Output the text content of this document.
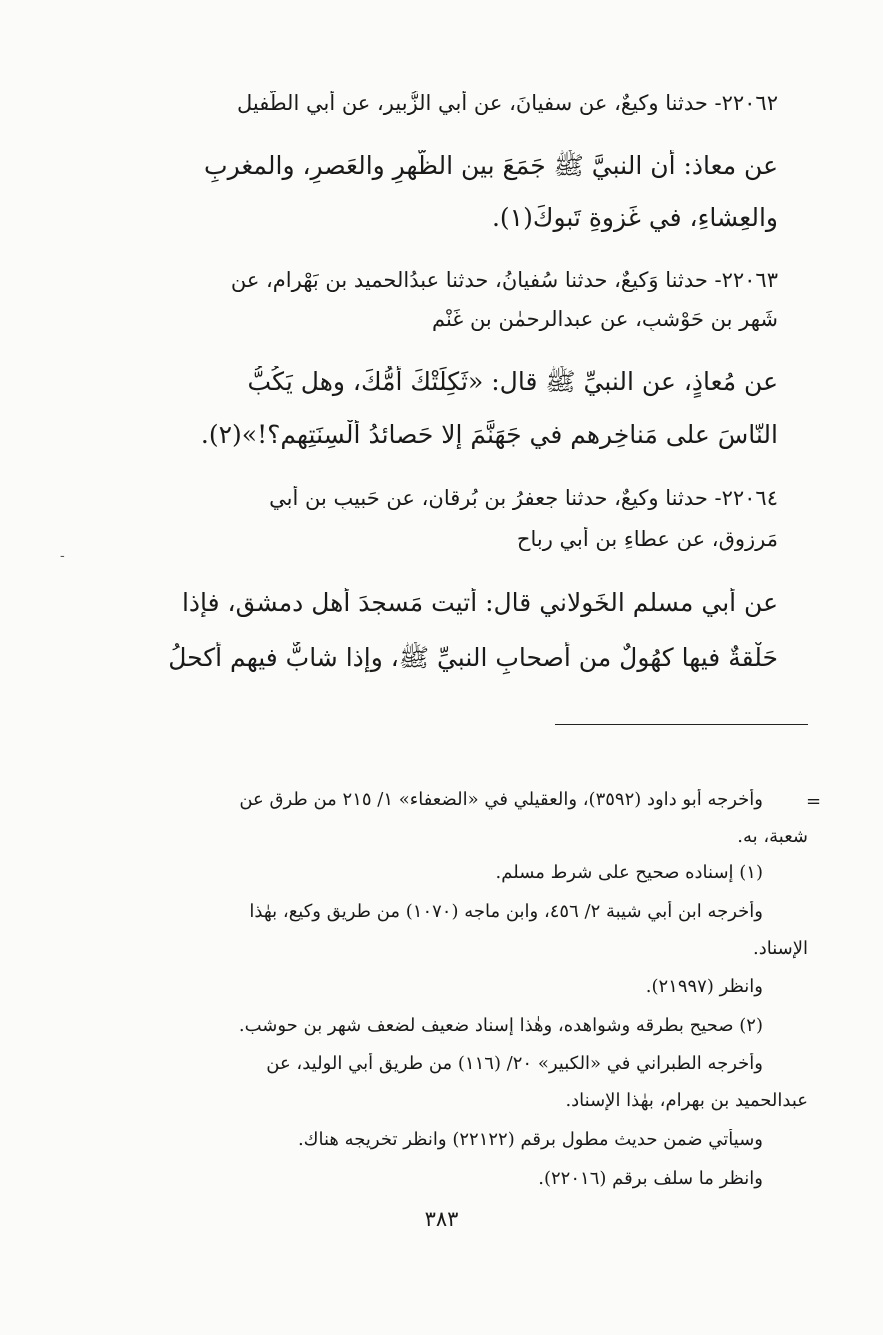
٢٢٠٦٢- حدثنا وكيعٌ، عن سفيانَ، عن أبي الزُّبير، عن أبي الطُّفيل
عن معاذ: أن النبيَّ ﷺ جَمَعَ بين الظُّهرِ والعَصرِ، والمغربِ
والعِشاءِ، في غَزوةِ تَبوكَ(١).
٢٢٠٦٣- حدثنا وَكيعٌ، حدثنا سُفيانُ، حدثنا عبدُالحميد بن بَهْرام، عن
شَهر بن حَوْشبٍ، عن عبدالرحمٰن بن غَنْم
عن مُعاذٍ، عن النبيِّ ﷺ قال: «ثَكِلَتْكَ أُمُّكَ، وهل يَكُبُّ
النّاسَ على مَناخِرِهم في جَهَنَّمَ إلا حَصائدُ أَلْسِنَتِهم؟!»(٢).
٢٢٠٦٤- حدثنا وكيعٌ، حدثنا جعفرُ بن بُرقان، عن حَبيبِ بن أبي
مَرزوقٍ، عن عطاءِ بن أبي رباح
عن أبي مسلم الخَولاني قال: أتيت مَسجدَ أَهلِ دمشق، فإذا
حَلْقةٌ فيها كهُولٌ من أصحابِ النبيِّ ﷺ، وإذا شابٌّ فيهم أكحلُ
-
=
وأخرجه أبو داود (٣٥٩٢)، والعقيلي في «الضعفاء» ١/ ٢١٥ من طرق عن
شعبة، به.
(١) إسناده صحيح على شرط مسلم.
وأخرجه ابن أبي شيبة ٢/ ٤٥٦، وابن ماجه (١٠٧٠) من طريق وكيع، بهٰذا
الإسناد.
وانظر (٢١٩٩٧).
(٢) صحيح بطرقه وشواهده، وهٰذا إسناد ضعيف لضعف شهر بن حوشب.
وأخرجه الطبراني في «الكبير» ٢٠/ (١١٦) من طريق أبي الوليد، عن
عبدالحميد بن بهرام، بهٰذا الإسناد.
وسيأتي ضمن حديث مطول برقم (٢٢١٢٢) وانظر تخريجه هناك.
وانظر ما سلف برقم (٢٢٠١٦).
٣٨٣
